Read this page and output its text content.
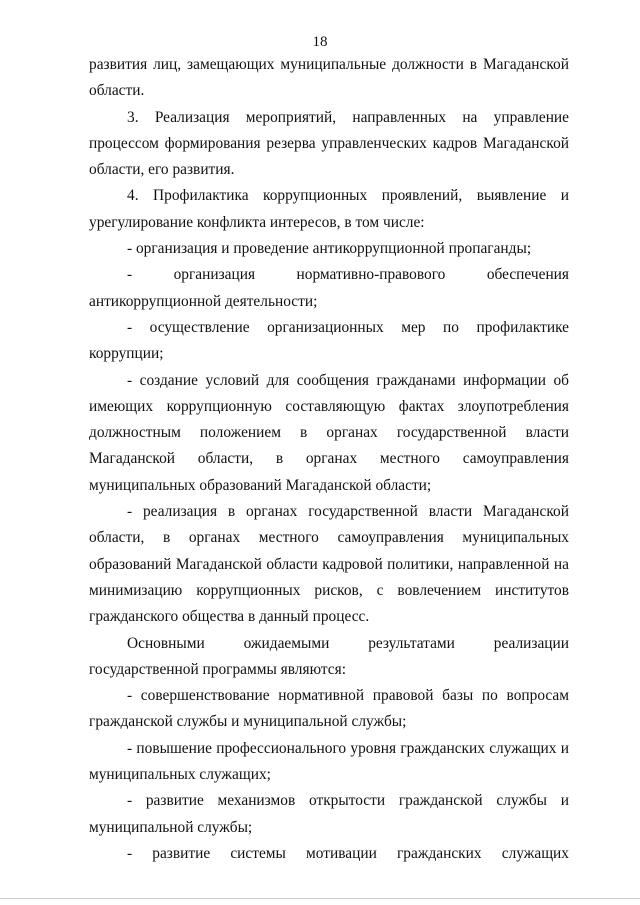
18

развития лиц, замещающих муниципальные должности в Магаданской области.

3. Реализация мероприятий, направленных на управление процессом формирования резерва управленческих кадров Магаданской области, его развития.

4. Профилактика коррупционных проявлений, выявление и урегулирование конфликта интересов, в том числе:

- организация и проведение антикоррупционной пропаганды;

- организация нормативно-правового обеспечения антикоррупционной деятельности;

- осуществление организационных мер по профилактике коррупции;

- создание условий для сообщения гражданами информации об имеющих коррупционную составляющую фактах злоупотребления должностным положением в органах государственной власти Магаданской области, в органах местного самоуправления муниципальных образований Магаданской области;

- реализация в органах государственной власти Магаданской области, в органах местного самоуправления муниципальных образований Магаданской области кадровой политики, направленной на минимизацию коррупционных рисков, с вовлечением институтов гражданского общества в данный процесс.

Основными ожидаемыми результатами реализации государственной программы являются:

- совершенствование нормативной правовой базы по вопросам гражданской службы и муниципальной службы;

- повышение профессионального уровня гражданских служащих и муниципальных служащих;

- развитие механизмов открытости гражданской службы и муниципальной службы;

- развитие системы мотивации гражданских служащих
